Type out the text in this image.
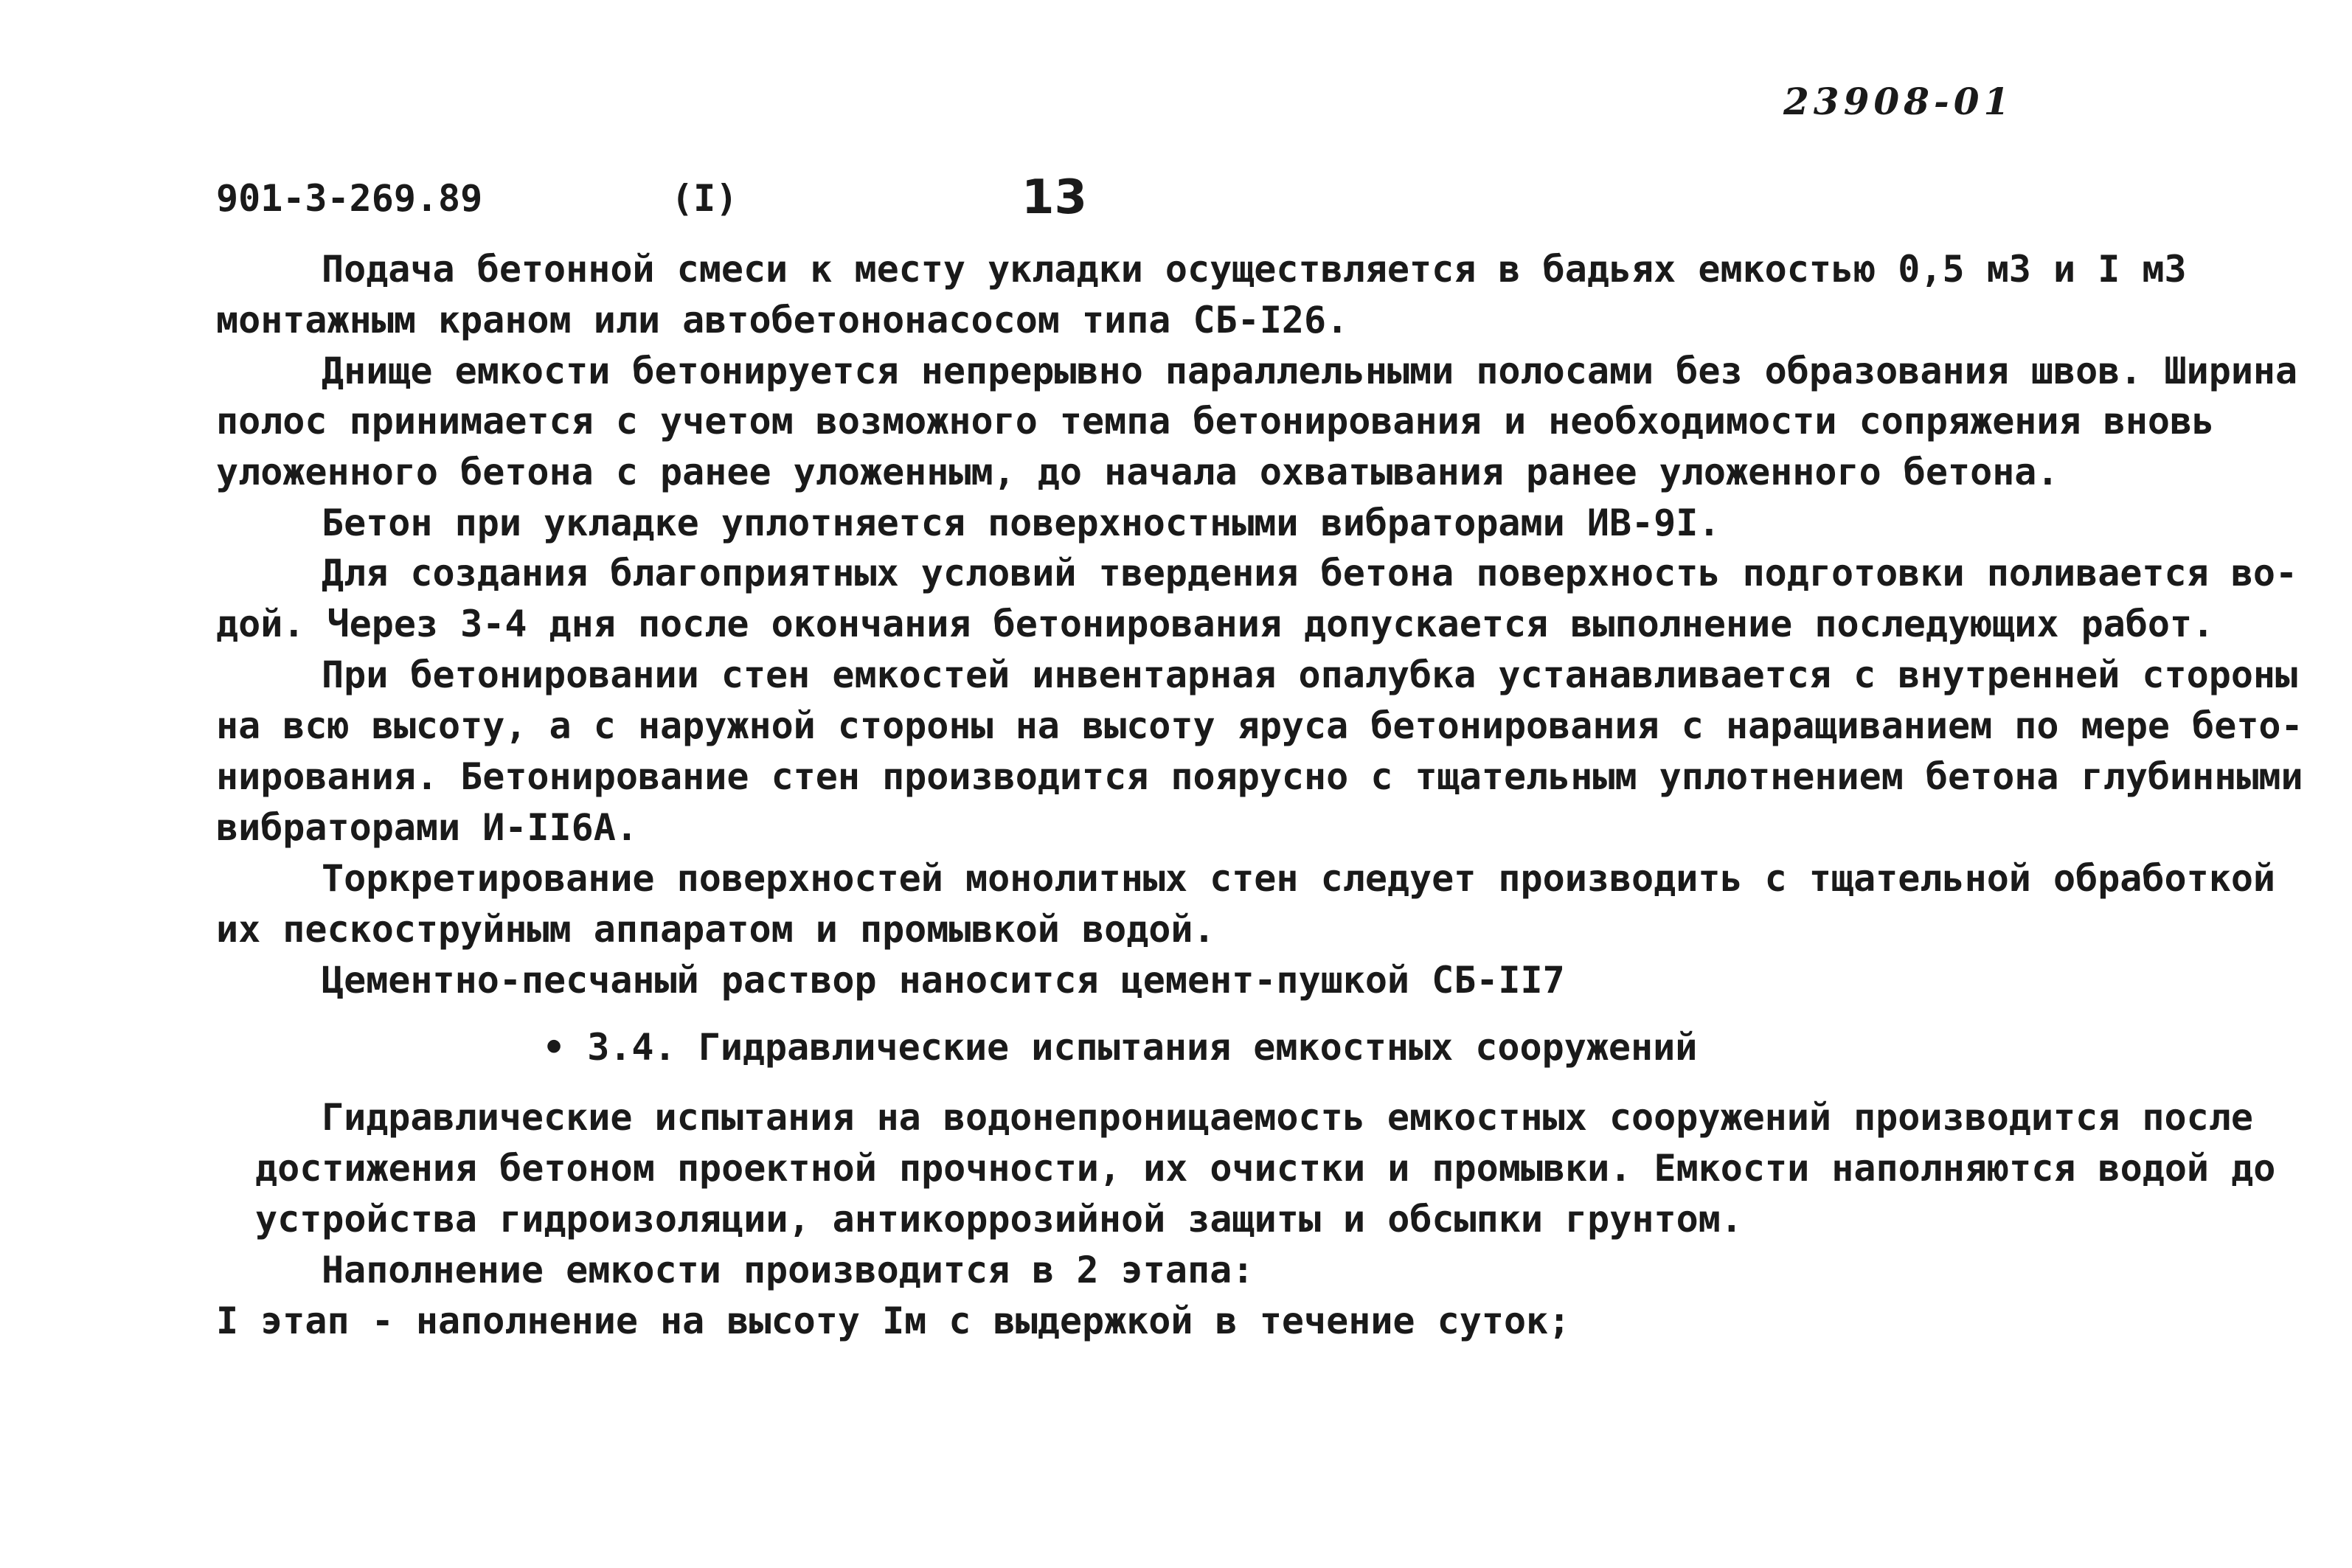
23908-01
901-3-269.89	(I)	13
Подача бетонной смеси к месту укладки осуществляется в бадьях емкостью 0,5 м3 и I м3
монтажным краном или автобетононасосом типа СБ-I26.
Днище емкости бетонируется непрерывно параллельными полосами без образования швов. Ширина
полос принимается с учетом возможного темпа бетонирования и необходимости сопряжения вновь
уложенного бетона с ранее уложенным, до начала охватывания ранее уложенного бетона.
Бетон при укладке уплотняется поверхностными вибраторами ИВ-9I.
Для создания благоприятных условий твердения бетона поверхность подготовки поливается во-
дой. Через 3-4 дня после окончания бетонирования допускается выполнение последующих работ.
При бетонировании стен емкостей инвентарная опалубка устанавливается с внутренней стороны
на всю высоту, а с наружной стороны на высоту яруса бетонирования с наращиванием по мере бето-
нирования. Бетонирование стен производится поярусно с тщательным уплотнением бетона глубинными
вибраторами И-II6А.
Торкретирование поверхностей монолитных стен следует производить с тщательной обработкой
их пескоструйным аппаратом и промывкой водой.
Цементно-песчаный раствор наносится цемент-пушкой СБ-II7
• 3.4. Гидравлические испытания емкостных сооружений
Гидравлические испытания на водонепроницаемость емкостных сооружений производится после
достижения бетоном проектной прочности, их очистки и промывки. Емкости наполняются водой до
устройства гидроизоляции, антикоррозийной защиты и обсыпки грунтом.
Наполнение емкости производится в 2 этапа:
I этап - наполнение на высоту Iм с выдержкой в течение суток;
